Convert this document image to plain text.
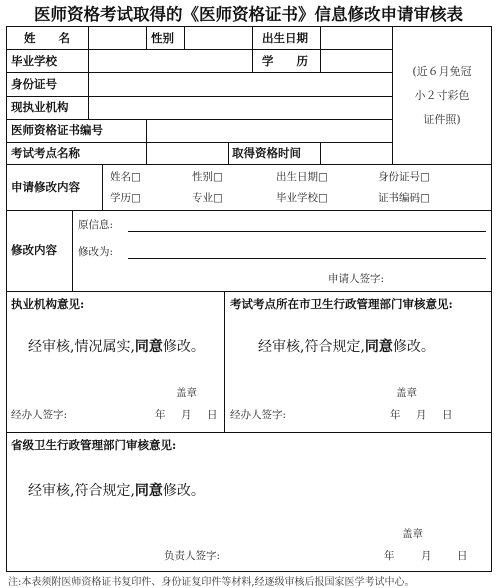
医师资格考试取得的《医师资格证书》信息修改申请审核表
姓　　名	性别	出生日期
毕业学校	学　　历
(近６月免冠
小２寸彩色
证件照)
身份证号
现执业机构
医师资格证书编号
考试考点名称	取得资格时间
申请修改内容
姓名□	性别□	出生日期□	身份证号□
学历□	专业□	毕业学校□	证书编码□
修改内容
原信息:
修改为:
申请人签字:
执业机构意见:
经审核,情况属实,同意修改。
盖章
经办人签字:	年 月 日
考试考点所在市卫生行政管理部门审核意见:
经审核,符合规定,同意修改。
盖章
经办人签字:	年 月 日
省级卫生行政管理部门审核意见:
经审核,符合规定,同意修改。
盖章
负责人签字:	年	月 日
注:本表须附医师资格证书复印件、身份证复印件等材料,经逐级审核后报国家医学考试中心。
